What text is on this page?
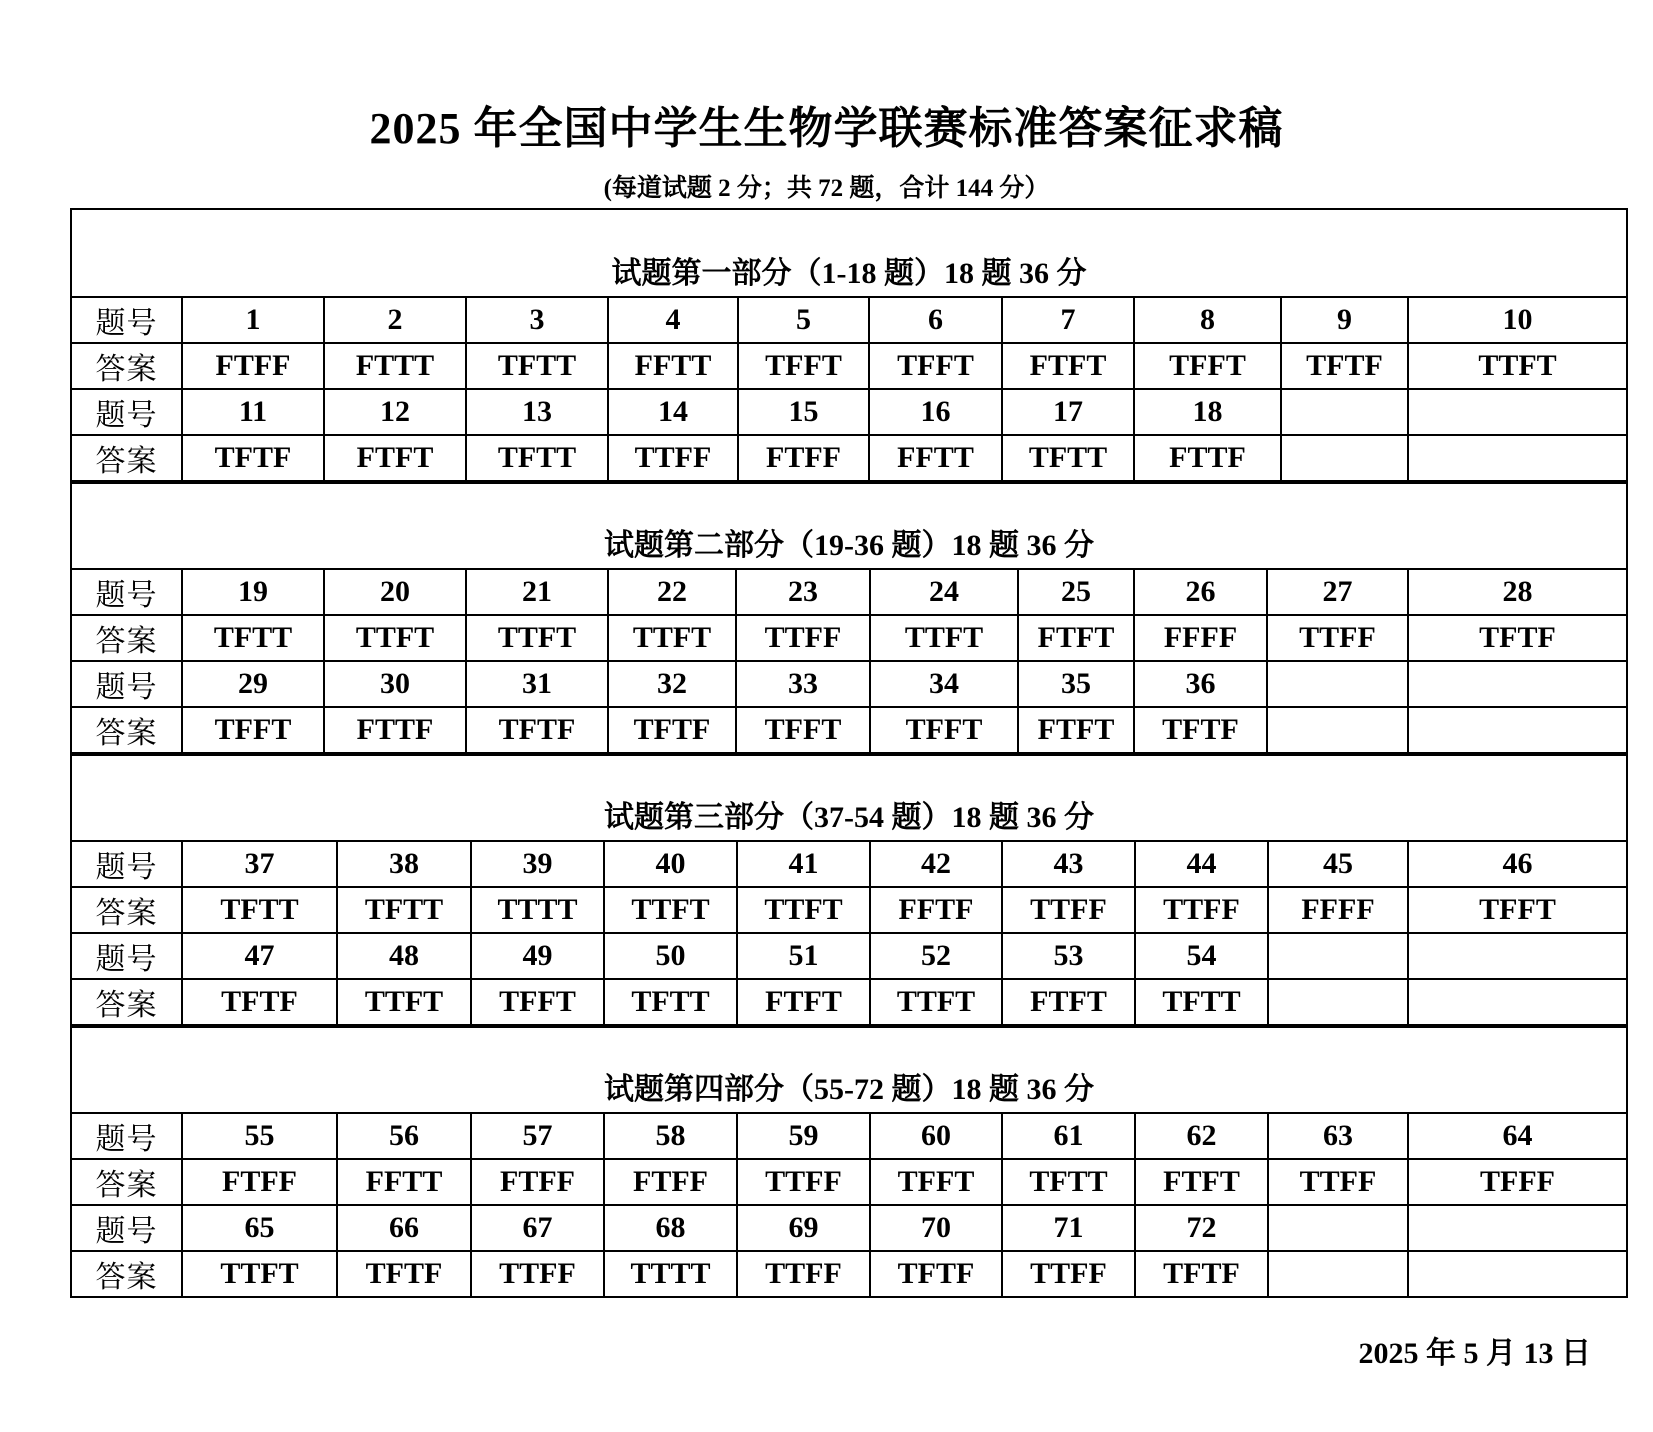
2025 年全国中学生生物学联赛标准答案征求稿
(每道试题 2 分；共 72 题，合计 144 分）
试题第一部分（1-18 题）18 题 36 分
题号	1	2	3	4	5	6	7	8	9	10
答案	FTFF	FTTT	TFTT	FFTT	TFFT	TFFT	FTFT	TFFT	TFTF	TTFT
题号	11	12	13	14	15	16	17	18		
答案	TFTF	FTFT	TFTT	TTFF	FTFF	FFTT	TFTT	FTTF		
试题第二部分（19-36 题）18 题 36 分
题号	19	20	21	22	23	24	25	26	27	28
答案	TFTT	TTFT	TTFT	TTFT	TTFF	TTFT	FTFT	FFFF	TTFF	TFTF
题号	29	30	31	32	33	34	35	36		
答案	TFFT	FTTF	TFTF	TFTF	TFFT	TFFT	FTFT	TFTF		
试题第三部分（37-54 题）18 题 36 分
题号	37	38	39	40	41	42	43	44	45	46
答案	TFTT	TFTT	TTTT	TTFT	TTFT	FFTF	TTFF	TTFF	FFFF	TFFT
题号	47	48	49	50	51	52	53	54		
答案	TFTF	TTFT	TFFT	TFTT	FTFT	TTFT	FTFT	TFTT		
试题第四部分（55-72 题）18 题 36 分
题号	55	56	57	58	59	60	61	62	63	64
答案	FTFF	FFTT	FTFF	FTFF	TTFF	TFFT	TFTT	FTFT	TTFF	TFFF
题号	65	66	67	68	69	70	71	72		
答案	TTFT	TFTF	TTFF	TTTT	TTFF	TFTF	TTFF	TFTF		
2025 年 5 月 13 日
